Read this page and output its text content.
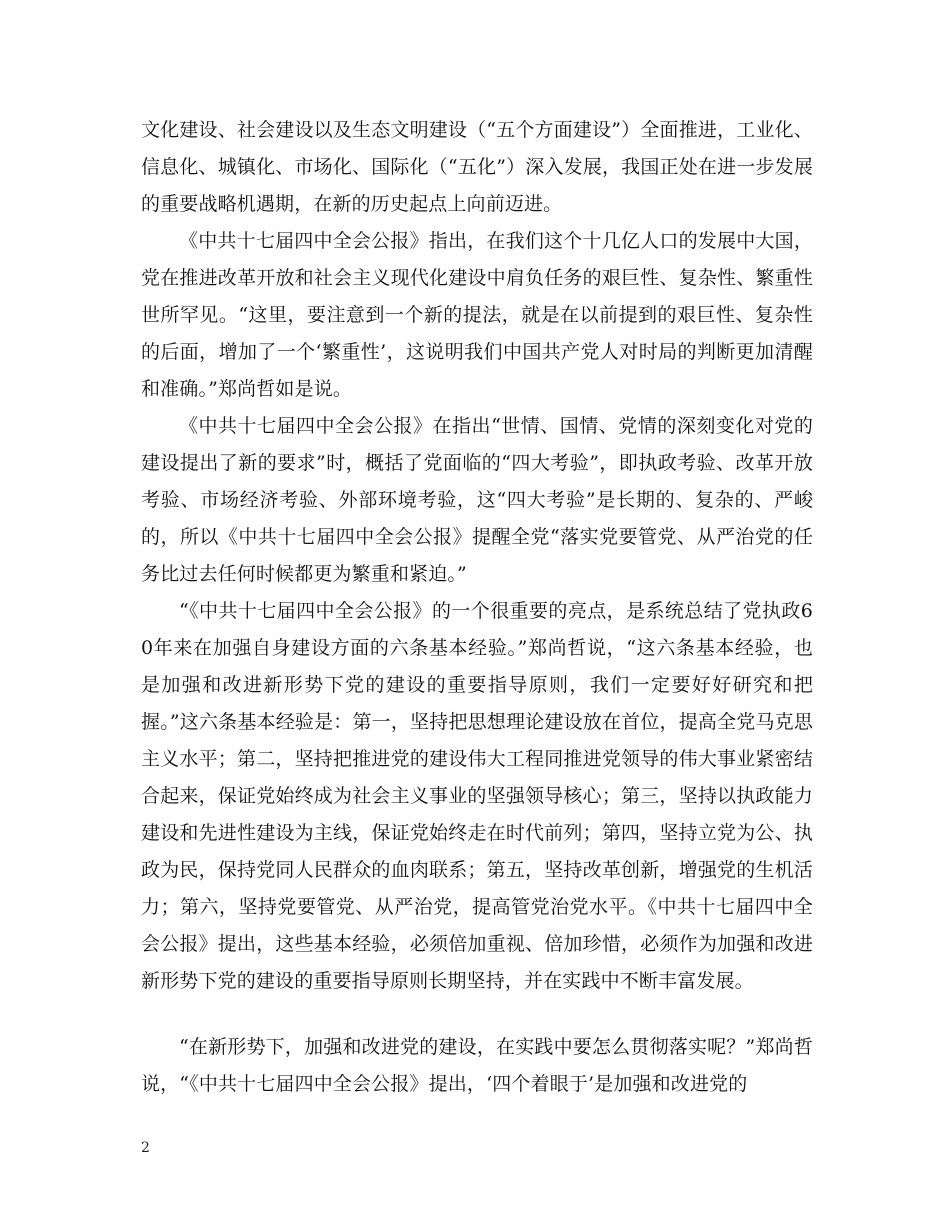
文化建设、社会建设以及生态文明建设（“五个方面建设”）全面推进，工业化、信息化、城镇化、市场化、国际化（“五化”）深入发展，我国正处在进一步发展的重要战略机遇期，在新的历史起点上向前迈进。

《中共十七届四中全会公报》指出，在我们这个十几亿人口的发展中大国，党在推进改革开放和社会主义现代化建设中肩负任务的艰巨性、复杂性、繁重性世所罕见。“这里，要注意到一个新的提法，就是在以前提到的艰巨性、复杂性的后面，增加了一个‘繁重性’，这说明我们中国共产党人对时局的判断更加清醒和准确。”郑尚哲如是说。

《中共十七届四中全会公报》在指出“世情、国情、党情的深刻变化对党的建设提出了新的要求”时，概括了党面临的“四大考验”，即执政考验、改革开放考验、市场经济考验、外部环境考验，这“四大考验”是长期的、复杂的、严峻的，所以《中共十七届四中全会公报》提醒全党“落实党要管党、从严治党的任务比过去任何时候都更为繁重和紧迫。”

“《中共十七届四中全会公报》的一个很重要的亮点，是系统总结了党执政60年来在加强自身建设方面的六条基本经验。”郑尚哲说，“这六条基本经验，也是加强和改进新形势下党的建设的重要指导原则，我们一定要好好研究和把握。”这六条基本经验是：第一，坚持把思想理论建设放在首位，提高全党马克思主义水平；第二，坚持把推进党的建设伟大工程同推进党领导的伟大事业紧密结合起来，保证党始终成为社会主义事业的坚强领导核心；第三，坚持以执政能力建设和先进性建设为主线，保证党始终走在时代前列；第四，坚持立党为公、执政为民，保持党同人民群众的血肉联系；第五，坚持改革创新，增强党的生机活力；第六，坚持党要管党、从严治党，提高管党治党水平。《中共十七届四中全会公报》提出，这些基本经验，必须倍加重视、倍加珍惜，必须作为加强和改进新形势下党的建设的重要指导原则长期坚持，并在实践中不断丰富发展。

“在新形势下，加强和改进党的建设，在实践中要怎么贯彻落实呢？”郑尚哲说，“《中共十七届四中全会公报》提出，‘四个着眼于’是加强和改进党的

2
